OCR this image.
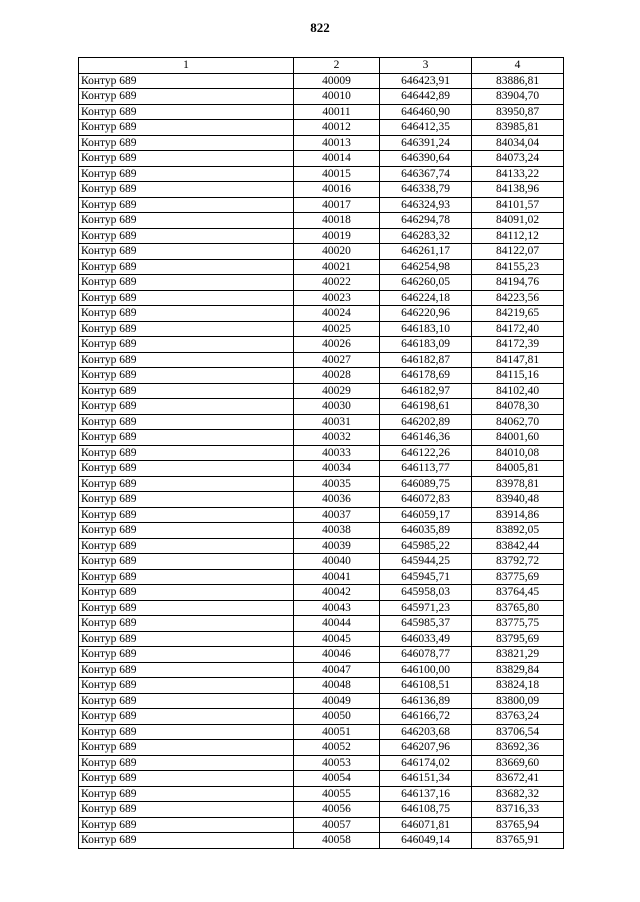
822
1	2	3	4
Контур 689	40009	646423,91	83886,81
Контур 689	40010	646442,89	83904,70
Контур 689	40011	646460,90	83950,87
Контур 689	40012	646412,35	83985,81
Контур 689	40013	646391,24	84034,04
Контур 689	40014	646390,64	84073,24
Контур 689	40015	646367,74	84133,22
Контур 689	40016	646338,79	84138,96
Контур 689	40017	646324,93	84101,57
Контур 689	40018	646294,78	84091,02
Контур 689	40019	646283,32	84112,12
Контур 689	40020	646261,17	84122,07
Контур 689	40021	646254,98	84155,23
Контур 689	40022	646260,05	84194,76
Контур 689	40023	646224,18	84223,56
Контур 689	40024	646220,96	84219,65
Контур 689	40025	646183,10	84172,40
Контур 689	40026	646183,09	84172,39
Контур 689	40027	646182,87	84147,81
Контур 689	40028	646178,69	84115,16
Контур 689	40029	646182,97	84102,40
Контур 689	40030	646198,61	84078,30
Контур 689	40031	646202,89	84062,70
Контур 689	40032	646146,36	84001,60
Контур 689	40033	646122,26	84010,08
Контур 689	40034	646113,77	84005,81
Контур 689	40035	646089,75	83978,81
Контур 689	40036	646072,83	83940,48
Контур 689	40037	646059,17	83914,86
Контур 689	40038	646035,89	83892,05
Контур 689	40039	645985,22	83842,44
Контур 689	40040	645944,25	83792,72
Контур 689	40041	645945,71	83775,69
Контур 689	40042	645958,03	83764,45
Контур 689	40043	645971,23	83765,80
Контур 689	40044	645985,37	83775,75
Контур 689	40045	646033,49	83795,69
Контур 689	40046	646078,77	83821,29
Контур 689	40047	646100,00	83829,84
Контур 689	40048	646108,51	83824,18
Контур 689	40049	646136,89	83800,09
Контур 689	40050	646166,72	83763,24
Контур 689	40051	646203,68	83706,54
Контур 689	40052	646207,96	83692,36
Контур 689	40053	646174,02	83669,60
Контур 689	40054	646151,34	83672,41
Контур 689	40055	646137,16	83682,32
Контур 689	40056	646108,75	83716,33
Контур 689	40057	646071,81	83765,94
Контур 689	40058	646049,14	83765,91
